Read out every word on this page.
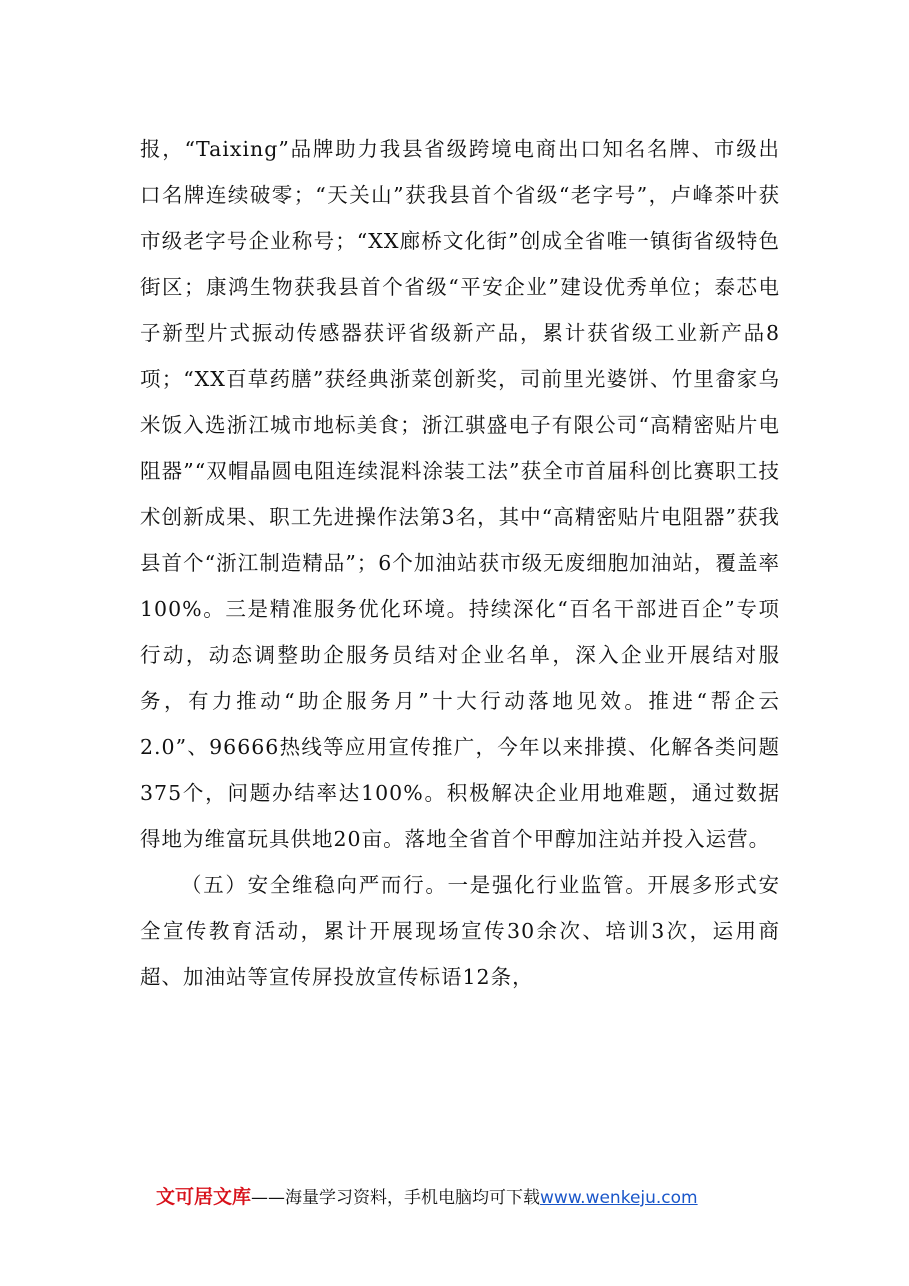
报，“Taixing”品牌助力我县省级跨境电商出口知名名牌、市级出口名牌连续破零；“天关山”获我县首个省级“老字号”，卢峰茶叶获市级老字号企业称号；“XX廊桥文化街”创成全省唯一镇街省级特色街区；康鸿生物获我县首个省级“平安企业”建设优秀单位；泰芯电子新型片式振动传感器获评省级新产品，累计获省级工业新产品8项；“XX百草药膳”获经典浙菜创新奖，司前里光婆饼、竹里畲家乌米饭入选浙江城市地标美食；浙江骐盛电子有限公司“高精密贴片电阻器”“双帽晶圆电阻连续混料涂装工法”获全市首届科创比赛职工技术创新成果、职工先进操作法第3名，其中“高精密贴片电阻器”获我县首个“浙江制造精品”；6个加油站获市级无废细胞加油站，覆盖率100%。三是精准服务优化环境。持续深化“百名干部进百企”专项行动，动态调整助企服务员结对企业名单，深入企业开展结对服务，有力推动“助企服务月”十大行动落地见效。推进“帮企云2.0”、96666热线等应用宣传推广，今年以来排摸、化解各类问题375个，问题办结率达100%。积极解决企业用地难题，通过数据得地为维富玩具供地20亩。落地全省首个甲醇加注站并投入运营。

（五）安全维稳向严而行。一是强化行业监管。开展多形式安全宣传教育活动，累计开展现场宣传30余次、培训3次，运用商超、加油站等宣传屏投放宣传标语12条，

文可居文库——海量学习资料，手机电脑均可下载www.wenkeju.com
